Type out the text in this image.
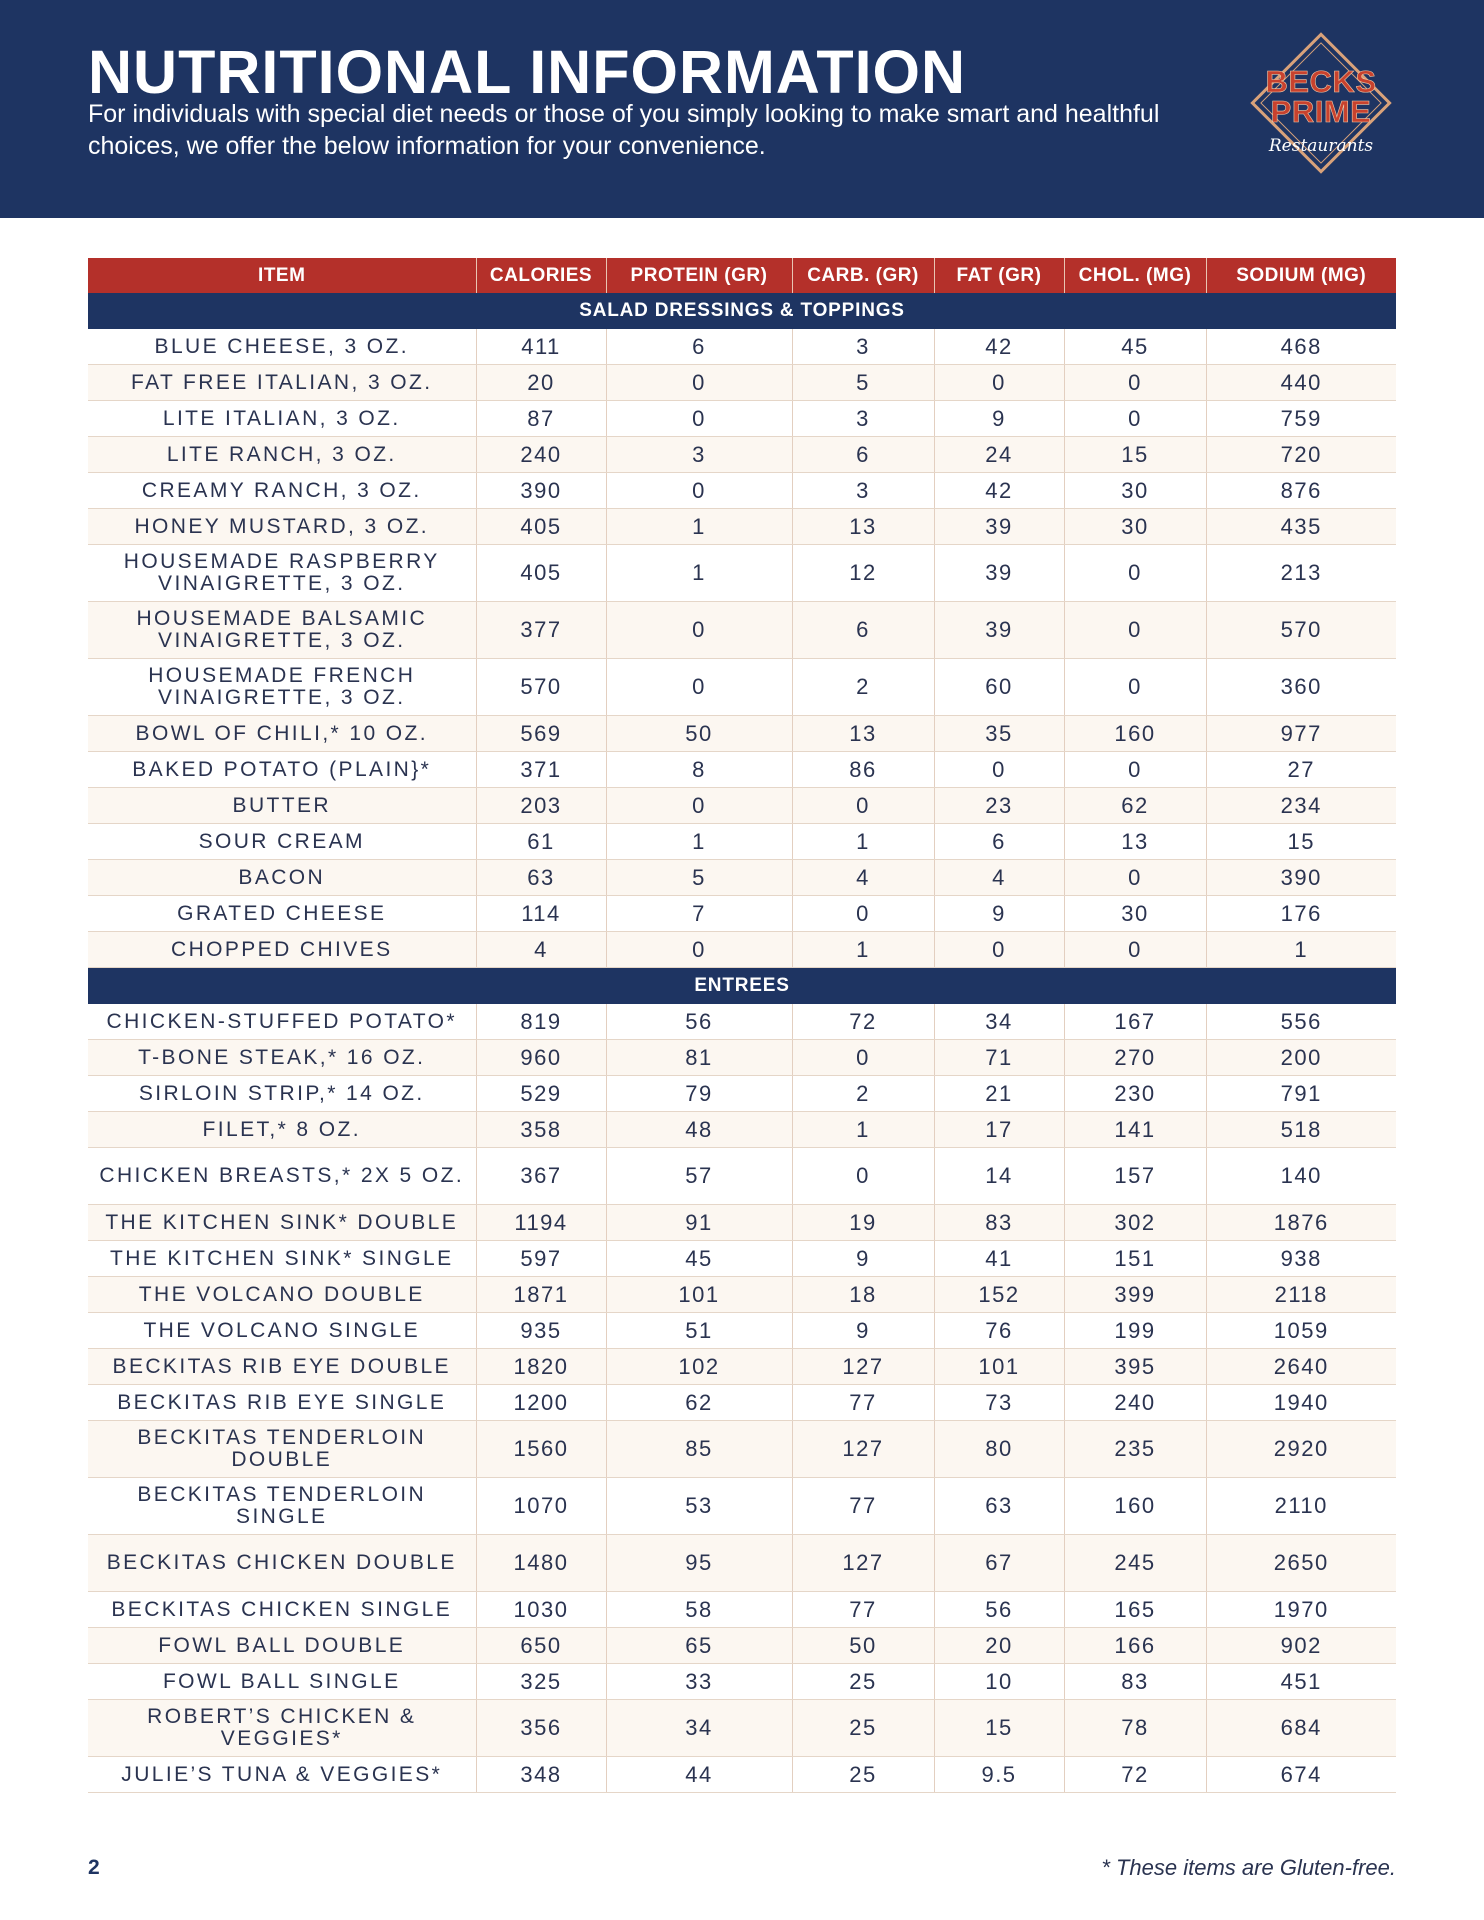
NUTRITIONAL INFORMATION

For individuals with special diet needs or those of you simply looking to make smart and healthful choices, we offer the below information for your convenience.

BECKS
PRIME
Restaurants
ITEM	CALORIES	PROTEIN (GR)	CARB. (GR)	FAT (GR)	CHOL. (MG)	SODIUM (MG)
SALAD DRESSINGS & TOPPINGS						
BLUE CHEESE, 3 OZ.	411	6	3	42	45	468
FAT FREE ITALIAN, 3 OZ.	20	0	5	0	0	440
LITE ITALIAN, 3 OZ.	87	0	3	9	0	759
LITE RANCH, 3 OZ.	240	3	6	24	15	720
CREAMY RANCH, 3 OZ.	390	0	3	42	30	876
HONEY MUSTARD, 3 OZ.	405	1	13	39	30	435
HOUSEMADE RASPBERRY VINAIGRETTE, 3 OZ.	405	1	12	39	0	213
HOUSEMADE BALSAMIC VINAIGRETTE, 3 OZ.	377	0	6	39	0	570
HOUSEMADE FRENCH VINAIGRETTE, 3 OZ.	570	0	2	60	0	360
BOWL OF CHILI,* 10 OZ.	569	50	13	35	160	977
BAKED POTATO (PLAIN}*	371	8	86	0	0	27
BUTTER	203	0	0	23	62	234
SOUR CREAM	61	1	1	6	13	15
BACON	63	5	4	4	0	390
GRATED CHEESE	114	7	0	9	30	176
CHOPPED CHIVES	4	0	1	0	0	1
ENTREES						
CHICKEN-STUFFED POTATO*	819	56	72	34	167	556
T-BONE STEAK,* 16 OZ.	960	81	0	71	270	200
SIRLOIN STRIP,* 14 OZ.	529	79	2	21	230	791
FILET,* 8 OZ.	358	48	1	17	141	518
CHICKEN BREASTS,* 2X 5 OZ.	367	57	0	14	157	140
THE KITCHEN SINK* DOUBLE	1194	91	19	83	302	1876
THE KITCHEN SINK* SINGLE	597	45	9	41	151	938
THE VOLCANO DOUBLE	1871	101	18	152	399	2118
THE VOLCANO SINGLE	935	51	9	76	199	1059
BECKITAS RIB EYE DOUBLE	1820	102	127	101	395	2640
BECKITAS RIB EYE SINGLE	1200	62	77	73	240	1940
BECKITAS TENDERLOIN DOUBLE	1560	85	127	80	235	2920
BECKITAS TENDERLOIN SINGLE	1070	53	77	63	160	2110
BECKITAS CHICKEN DOUBLE	1480	95	127	67	245	2650
BECKITAS CHICKEN SINGLE	1030	58	77	56	165	1970
FOWL BALL DOUBLE	650	65	50	20	166	902
FOWL BALL SINGLE	325	33	25	10	83	451
ROBERT’S CHICKEN & VEGGIES*	356	34	25	15	78	684
JULIE’S TUNA & VEGGIES*	348	44	25	9.5	72	674
2	* These items are Gluten-free.
